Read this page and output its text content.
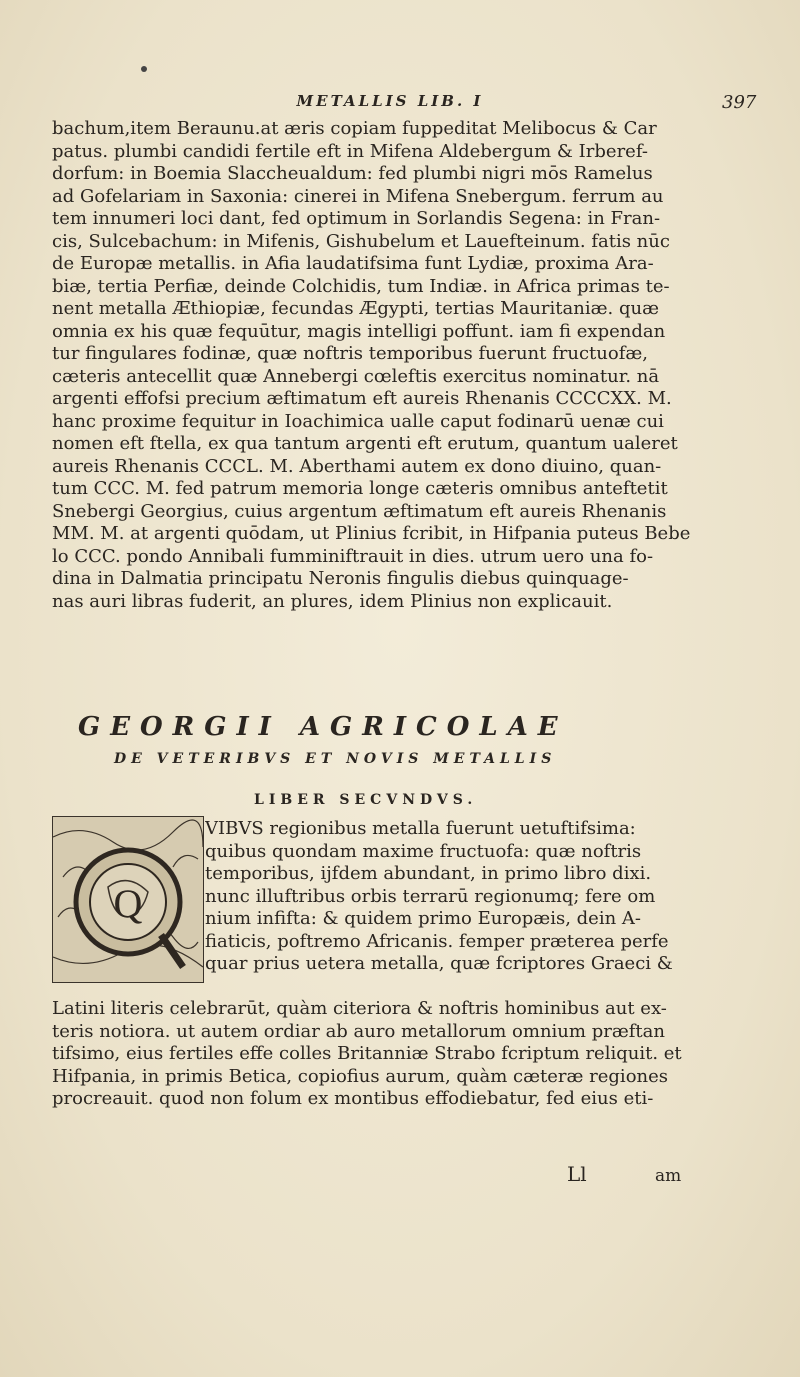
METALLIS LIB. I	397
bachum,item Beraunu.at æris copiam fuppeditat Melibocus & Car
patus. plumbi candidi fertile eft in Mifena Aldebergum & Irberef-
dorfum: in Boemia Slaccheualdum: fed plumbi nigri mōs Ramelus
ad Gofelariam in Saxonia: cinerei in Mifena Snebergum. ferrum au
tem innumeri loci dant, fed optimum in Sorlandis Segena: in Fran-
cis, Sulcebachum: in Mifenis, Gishubelum et Lauefteinum. fatis nūc
de Europæ metallis. in Afia laudatifsima funt Lydiæ, proxima Ara-
biæ, tertia Perfiæ, deinde Colchidis, tum Indiæ. in Africa primas te-
nent metalla Æthiopiæ, fecundas Ægypti, tertias Mauritaniæ. quæ
omnia ex his quæ fequūtur, magis intelligi poffunt. iam fi expendan
tur fingulares fodinæ, quæ noftris temporibus fuerunt fructuofæ,
cæteris antecellit quæ Annebergi cœleftis exercitus nominatur. nā
argenti effofsi precium æftimatum eft aureis Rhenanis CCCCXX. M.
hanc proxime fequitur in Ioachimica ualle caput fodinarū uenæ cui
nomen eft ftella, ex qua tantum argenti eft erutum, quantum ualeret
aureis Rhenanis CCCL. M. Aberthami autem ex dono diuino, quan-
tum CCC. M. fed patrum memoria longe cæteris omnibus anteftetit
Snebergi Georgius, cuius argentum æftimatum eft aureis Rhenanis
MM. M. at argenti quōdam, ut Plinius fcribit, in Hifpania puteus Bebe
lo CCC. pondo Annibali fumminiftrauit in dies. utrum uero una fo-
dina in Dalmatia principatu Neronis fingulis diebus quinquage-
nas auri libras fuderit, an plures, idem Plinius non explicauit.
GEORGII AGRICOLAE
DE VETERIBVS ET NOVIS METALLIS
LIBER SECVNDVS.
Q
VIBVS regionibus metalla fuerunt uetuftifsima:
quibus quondam maxime fructuofa: quæ noftris
temporibus, ijfdem abundant, in primo libro dixi.
nunc illuftribus orbis terrarū regionumq; fere om
nium infifta: & quidem primo Europæis, dein A-
fiaticis, poftremo Africanis. femper præterea perfe
quar prius uetera metalla, quæ fcriptores Graeci &
Latini literis celebrarūt, quàm citeriora & noftris hominibus aut ex-
teris notiora. ut autem ordiar ab auro metallorum omnium præftan
tifsimo, eius fertiles effe colles Britanniæ Strabo fcriptum reliquit. et
Hifpania, in primis Betica, copiofius aurum, quàm cæteræ regiones
procreauit. quod non folum ex montibus effodiebatur, fed eius eti-
Ll	am
